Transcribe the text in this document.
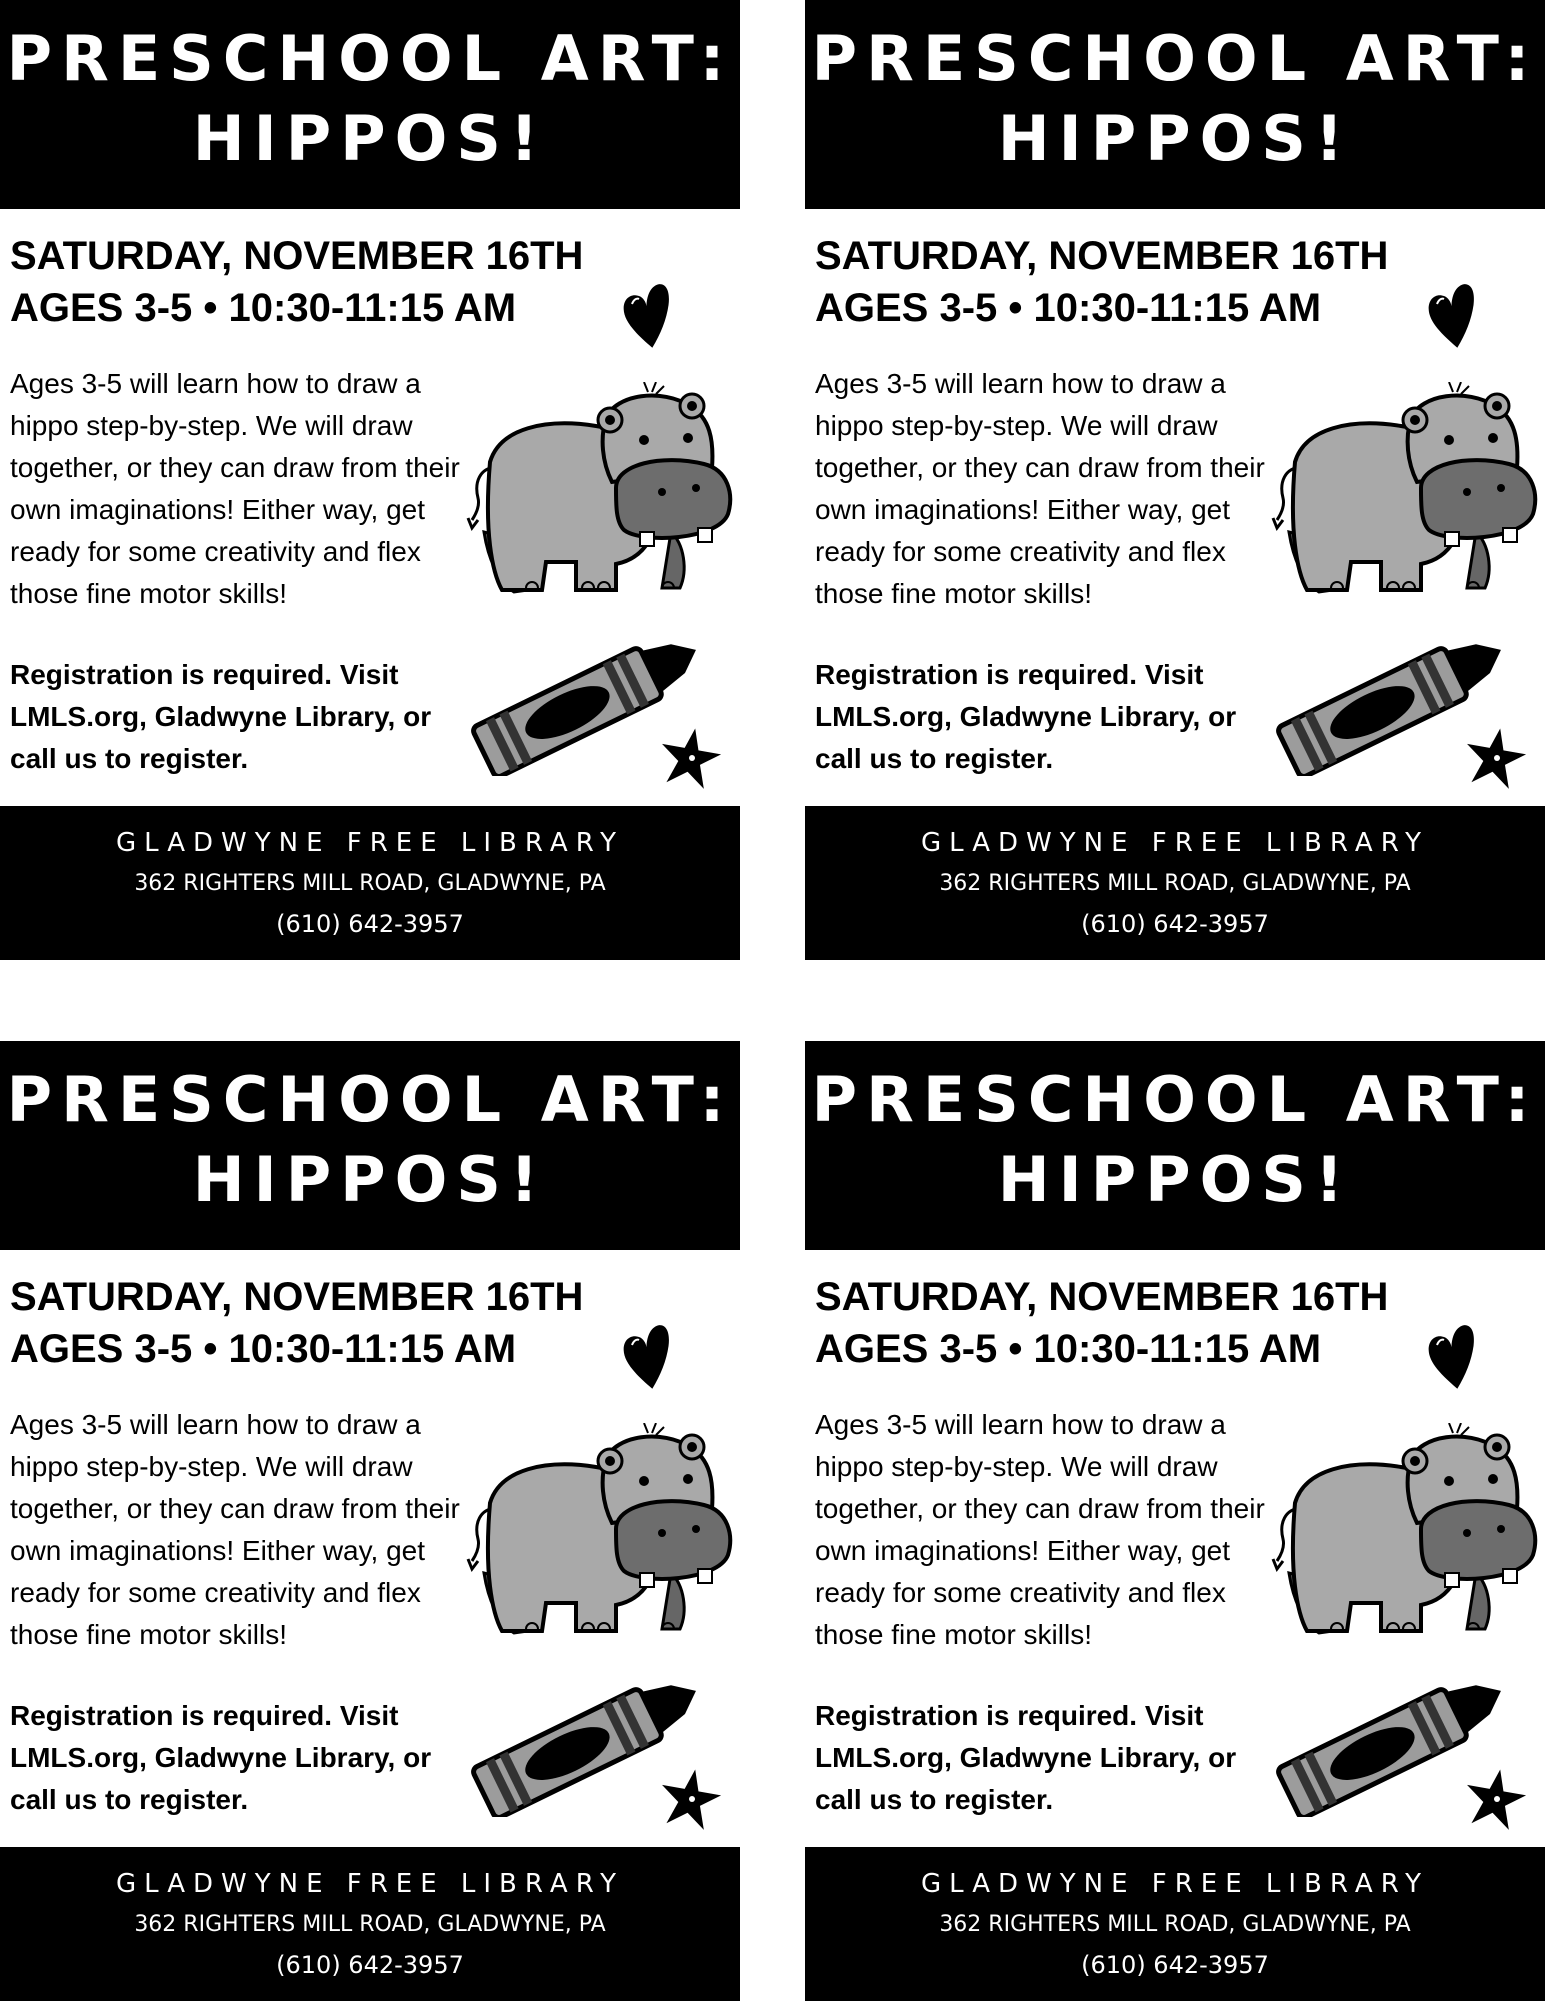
PRESCHOOL ART:
HIPPOS!
SATURDAY, NOVEMBER 16TH
AGES 3-5 • 10:30-11:15 AM

Ages 3-5 will learn how to draw a hippo step-by-step. We will draw together, or they can draw from their own imaginations! Either way, get ready for some creativity and flex those fine motor skills!

Registration is required. Visit LMLS.org, Gladwyne Library, or call us to register.

GLADWYNE FREE LIBRARY
362 RIGHTERS MILL ROAD, GLADWYNE, PA
(610) 642-3957
PRESCHOOL ART:
HIPPOS!
SATURDAY, NOVEMBER 16TH
AGES 3-5 • 10:30-11:15 AM

Ages 3-5 will learn how to draw a hippo step-by-step. We will draw together, or they can draw from their own imaginations! Either way, get ready for some creativity and flex those fine motor skills!

Registration is required. Visit LMLS.org, Gladwyne Library, or call us to register.

GLADWYNE FREE LIBRARY
362 RIGHTERS MILL ROAD, GLADWYNE, PA
(610) 642-3957
PRESCHOOL ART:
HIPPOS!
SATURDAY, NOVEMBER 16TH
AGES 3-5 • 10:30-11:15 AM

Ages 3-5 will learn how to draw a hippo step-by-step. We will draw together, or they can draw from their own imaginations! Either way, get ready for some creativity and flex those fine motor skills!

Registration is required. Visit LMLS.org, Gladwyne Library, or call us to register.

GLADWYNE FREE LIBRARY
362 RIGHTERS MILL ROAD, GLADWYNE, PA
(610) 642-3957
PRESCHOOL ART:
HIPPOS!
SATURDAY, NOVEMBER 16TH
AGES 3-5 • 10:30-11:15 AM

Ages 3-5 will learn how to draw a hippo step-by-step. We will draw together, or they can draw from their own imaginations! Either way, get ready for some creativity and flex those fine motor skills!

Registration is required. Visit LMLS.org, Gladwyne Library, or call us to register.

GLADWYNE FREE LIBRARY
362 RIGHTERS MILL ROAD, GLADWYNE, PA
(610) 642-3957
